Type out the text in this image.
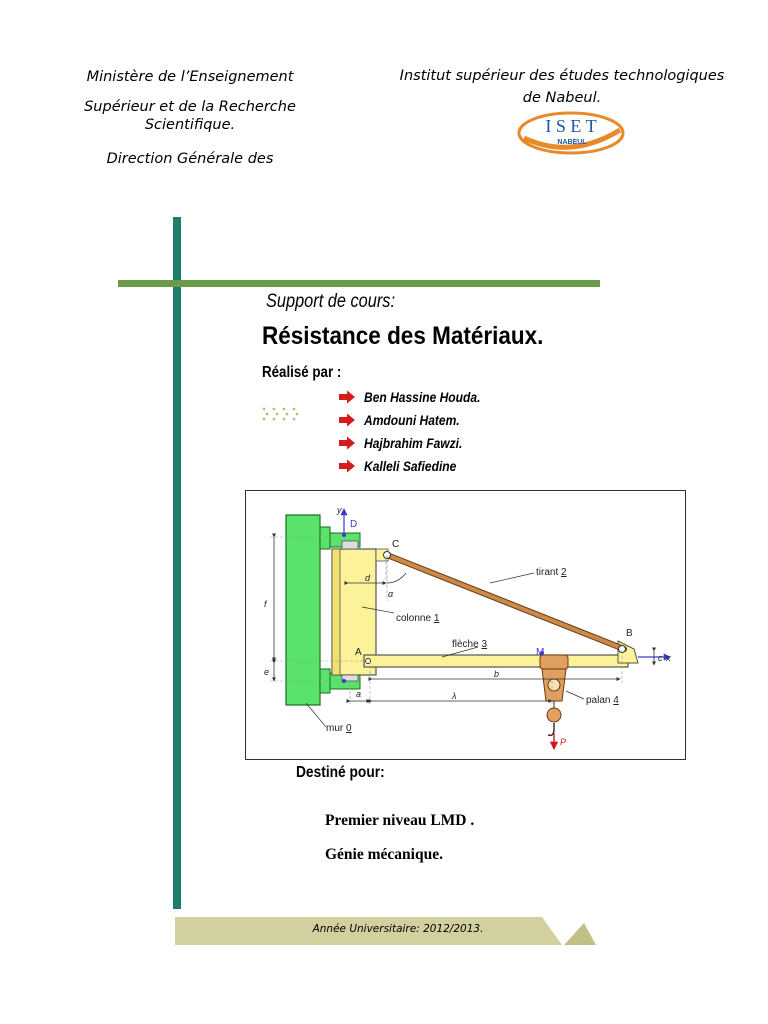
Ministère de l’Enseignement
Supérieur et de la Recherche
Scientifique.
Direction Générale des
Institut supérieur des études technologiques
de Nabeul.
I S E T
NABEUL
Support de cours:
Résistance des Matériaux.
Réalisé par :
Ben Hassine Houda.
Amdouni Hatem.
Hajbrahim Fawzi.
Kalleli Safiedine
y
D
C
B
A	M	x
d
α
f
e
c
a
b
λ
P
tirant 2
colonne 1
flèche 3
palan 4
mur 0
Destiné pour:
Premier niveau LMD .
Génie mécanique.
Année Universitaire: 2012/2013.
